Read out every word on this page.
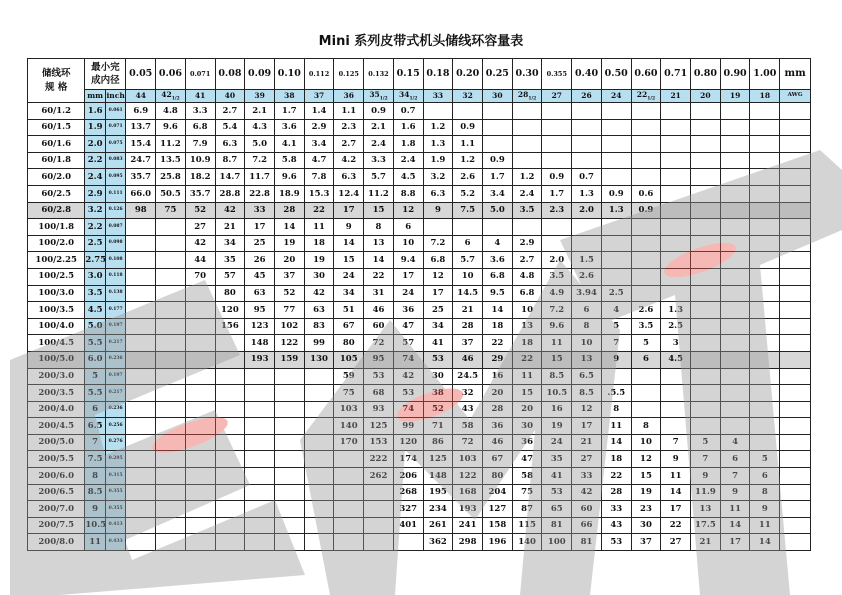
Mini 系列皮带式机头储线环容量表
储线环
规 格	最小完
成内径		0.05	0.06	0.071	0.08	0.09	0.10	0.112	0.125	0.132	0.15	0.18	0.20	0.25	0.30	0.355	0.40	0.50	0.60	0.71	0.80	0.90	1.00	mm
	mm	inch	44	$42_{1/2}$	41	40	39	38	37	36	$35_{1/2}$	$34_{1/2}$	33	32	30	$28_{1/2}$	27	26	24	$22_{1/2}$	21	20	19	18	AWG
60/1.2	1.6	0.061	6.9	4.8	3.3	2.7	2.1	1.7	1.4	1.1	0.9	0.7													
60/1.5	1.9	0.071	13.7	9.6	6.8	5.4	4.3	3.6	2.9	2.3	2.1	1.6	1.2	0.9											
60/1.6	2.0	0.075	15.4	11.2	7.9	6.3	5.0	4.1	3.4	2.7	2.4	1.8	1.3	1.1											
60/1.8	2.2	0.083	24.7	13.5	10.9	8.7	7.2	5.8	4.7	4.2	3.3	2.4	1.9	1.2	0.9										
60/2.0	2.4	0.095	35.7	25.8	18.2	14.7	11.7	9.6	7.8	6.3	5.7	4.5	3.2	2.6	1.7	1.2	0.9	0.7							
60/2.5	2.9	0.111	66.0	50.5	35.7	28.8	22.8	18.9	15.3	12.4	11.2	8.8	6.3	5.2	3.4	2.4	1.7	1.3	0.9	0.6					
60/2.8	3.2	0.126	98	75	52	42	33	28	22	17	15	12	9	7.5	5.0	3.5	2.3	2.0	1.3	0.9					
100/1.8	2.2	0.087			27	21	17	14	11	9	8	6													
100/2.0	2.5	0.098			42	34	25	19	18	14	13	10	7.2	6	4	2.9									
100/2.25	2.75	0.108			44	35	26	20	19	15	14	9.4	6.8	5.7	3.6	2.7	2.0	1.5							
100/2.5	3.0	0.118			70	57	45	37	30	24	22	17	12	10	6.8	4.8	3.5	2.6							
100/3.0	3.5	0.138				80	63	52	42	34	31	24	17	14.5	9.5	6.8	4.9	3.94	2.5						
100/3.5	4.5	0.177				120	95	77	63	51	46	36	25	21	14	10	7.2	6	4	2.6	1.3				
100/4.0	5.0	0.197				156	123	102	83	67	60	47	34	28	18	13	9.6	8	5	3.5	2.5				
100/4.5	5.5	0.217					148	122	99	80	72	57	41	37	22	18	11	10	7	5	3				
100/5.0	6.0	0.236					193	159	130	105	95	74	53	46	29	22	15	13	9	6	4.5				
200/3.0	5	0.197								59	53	42	30	24.5	16	11	8.5	6.5							
200/3.5	5.5	0.217								75	68	53	38	32	20	15	10.5	8.5	.5.5						
200/4.0	6	0.236								103	93	74	52	43	28	20	16	12	8						
200/4.5	6.5	0.256								140	125	99	71	58	36	30	19	17	11	8					
200/5.0	7	0.276								170	153	120	86	72	46	36	24	21	14	10	7	5	4		
200/5.5	7.5	0.295									222	174	125	103	67	47	35	27	18	12	9	7	6	5	
200/6.0	8	0.315									262	206	148	122	80	58	41	33	22	15	11	9	7	6	
200/6.5	8.5	0.355										268	195	168	204	75	53	42	28	19	14	11.9	9	8	
200/7.0	9	0.355										327	234	193	127	87	65	60	33	23	17	13	11	9	
200/7.5	10.5	0.413										401	261	241	158	115	81	66	43	30	22	17.5	14	11	
200/8.0	11	0.433											362	298	196	140	100	81	53	37	27	21	17	14	
